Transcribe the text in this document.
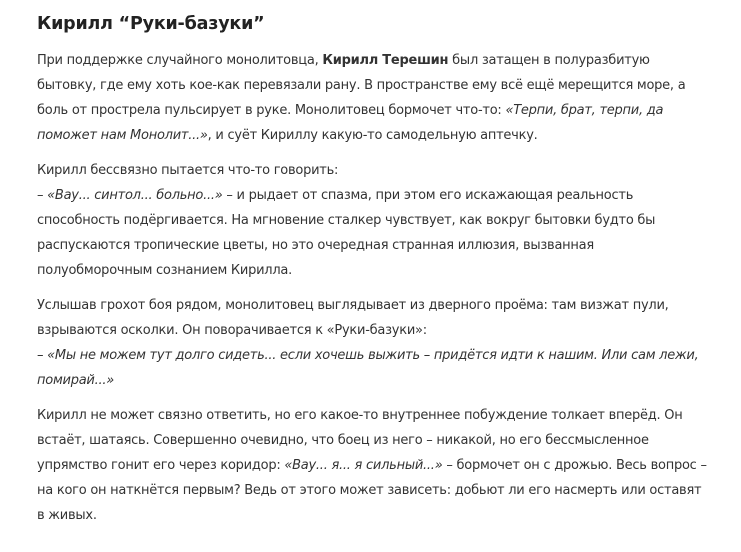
Кирилл “Руки-базуки”

При поддержке случайного монолитовца, Кирилл Терешин был затащен в полуразбитую бытовку, где ему хоть кое-как перевязали рану. В пространстве ему всё ещё мерещится море, а боль от прострела пульсирует в руке. Монолитовец бормочет что-то: «Терпи, брат, терпи, да поможет нам Монолит...», и суёт Кириллу какую-то самодельную аптечку.

Кирилл бессвязно пытается что-то говорить:
– «Вау... синтол... больно...» – и рыдает от спазма, при этом его искажающая реальность способность подёргивается. На мгновение сталкер чувствует, как вокруг бытовки будто бы распускаются тропические цветы, но это очередная странная иллюзия, вызванная полуобморочным сознанием Кирилла.

Услышав грохот боя рядом, монолитовец выглядывает из дверного проёма: там визжат пули, взрываются осколки. Он поворачивается к «Руки-базуки»:
– «Мы не можем тут долго сидеть... если хочешь выжить – придётся идти к нашим. Или сам лежи, помирай...»

Кирилл не может связно ответить, но его какое-то внутреннее побуждение толкает вперёд. Он встаёт, шатаясь. Совершенно очевидно, что боец из него – никакой, но его бессмысленное упрямство гонит его через коридор: «Вау... я... я сильный...» – бормочет он с дрожью. Весь вопрос – на кого он наткнётся первым? Ведь от этого может зависеть: добьют ли его насмерть или оставят в живых.
